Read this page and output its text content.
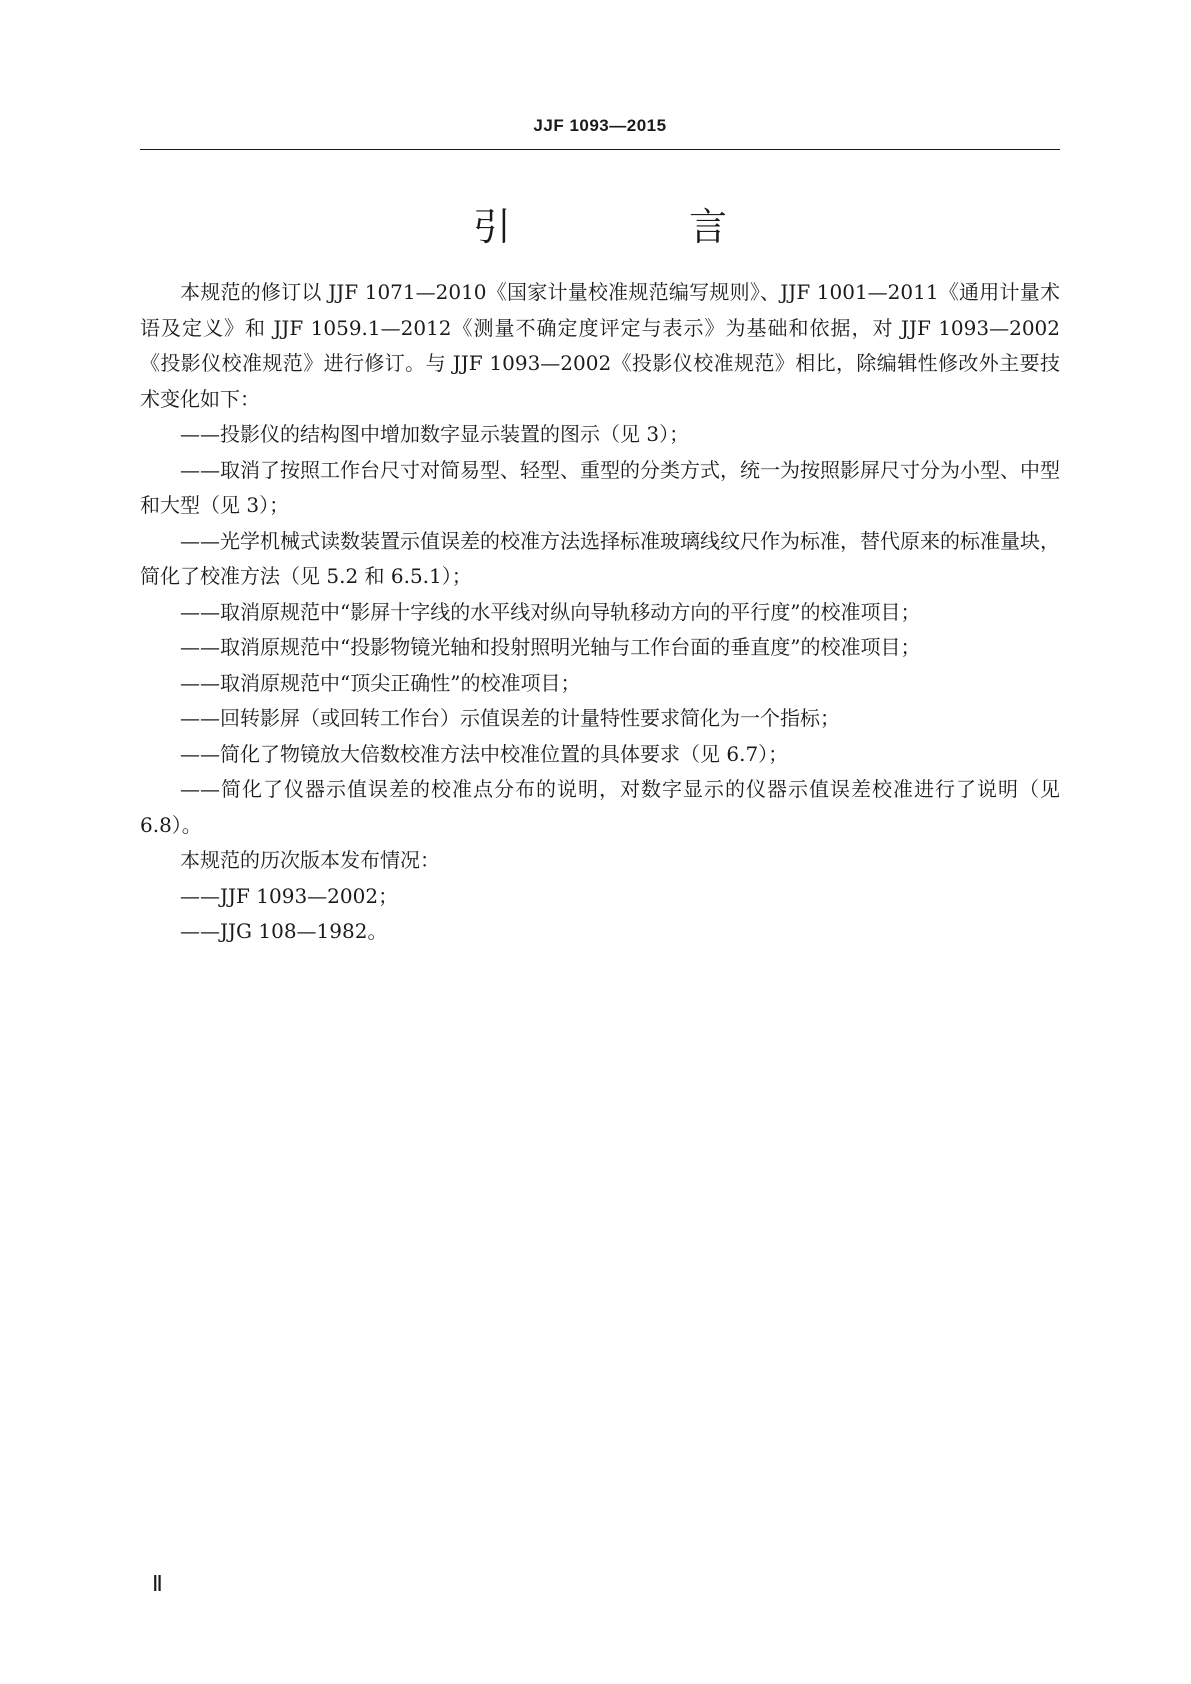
JJF 1093—2015
引　言

本规范的修订以 JJF 1071—2010《国家计量校准规范编写规则》、JJF 1001—2011《通用计量术语及定义》和 JJF 1059.1—2012《测量不确定度评定与表示》为基础和依据，对 JJF 1093—2002《投影仪校准规范》进行修订。与 JJF 1093—2002《投影仪校准规范》相比，除编辑性修改外主要技术变化如下：

——投影仪的结构图中增加数字显示装置的图示（见 3）；

——取消了按照工作台尺寸对简易型、轻型、重型的分类方式，统一为按照影屏尺寸分为小型、中型和大型（见 3）；

——光学机械式读数装置示值误差的校准方法选择标准玻璃线纹尺作为标准，替代原来的标准量块，简化了校准方法（见 5.2 和 6.5.1）；

——取消原规范中“影屏十字线的水平线对纵向导轨移动方向的平行度”的校准项目；

——取消原规范中“投影物镜光轴和投射照明光轴与工作台面的垂直度”的校准项目；

——取消原规范中“顶尖正确性”的校准项目；

——回转影屏（或回转工作台）示值误差的计量特性要求简化为一个指标；

——简化了物镜放大倍数校准方法中校准位置的具体要求（见 6.7）；

——简化了仪器示值误差的校准点分布的说明，对数字显示的仪器示值误差校准进行了说明（见 6.8）。

本规范的历次版本发布情况：

——JJF 1093—2002；

——JJG 108—1982。

Ⅱ
